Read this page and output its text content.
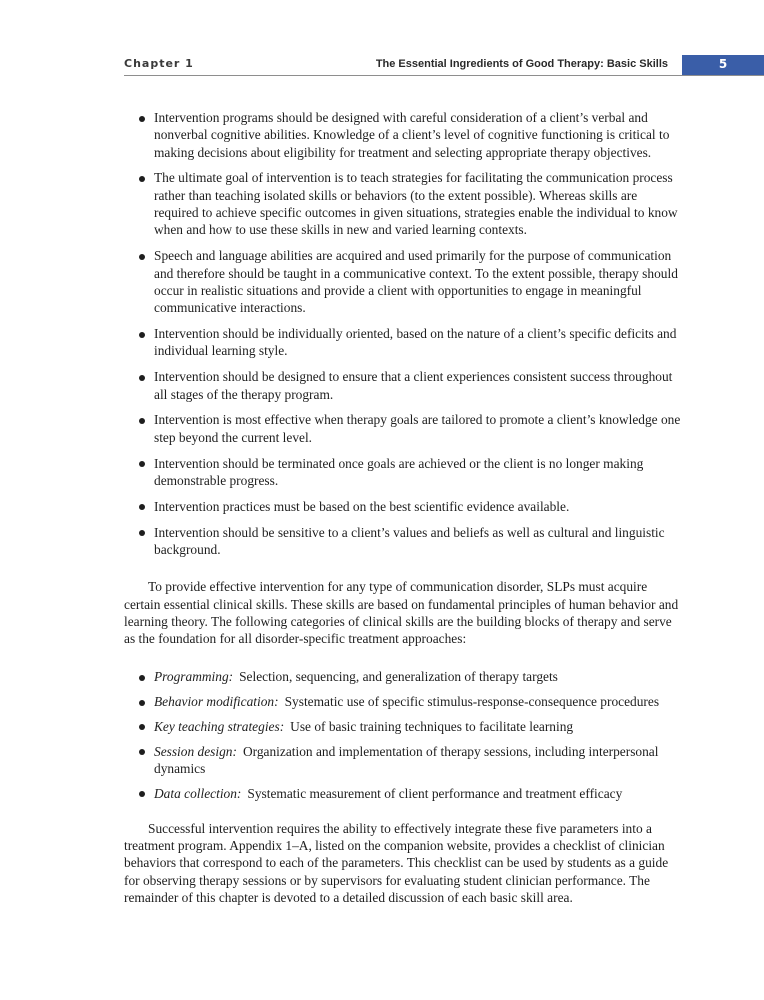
Chapter 1	The Essential Ingredients of Good Therapy: Basic Skills	5
Intervention programs should be designed with careful consideration of a client’s verbal and nonverbal cognitive abilities. Knowledge of a client’s level of cognitive functioning is critical to making decisions about eligibility for treatment and selecting appropriate therapy objectives.
The ultimate goal of intervention is to teach strategies for facilitating the communication process rather than teaching isolated skills or behaviors (to the extent possible). Whereas skills are required to achieve specific outcomes in given situations, strategies enable the individual to know when and how to use these skills in new and varied learning contexts.
Speech and language abilities are acquired and used primarily for the purpose of communication and therefore should be taught in a communicative context. To the extent possible, therapy should occur in realistic situations and provide a client with opportunities to engage in meaningful communicative interactions.
Intervention should be individually oriented, based on the nature of a client’s specific deficits and individual learning style.
Intervention should be designed to ensure that a client experiences consistent success throughout all stages of the therapy program.
Intervention is most effective when therapy goals are tailored to promote a client’s knowledge one step beyond the current level.
Intervention should be terminated once goals are achieved or the client is no longer making demonstrable progress.
Intervention practices must be based on the best scientific evidence available.
Intervention should be sensitive to a client’s values and beliefs as well as cultural and linguistic background.

To provide effective intervention for any type of communication disorder, SLPs must acquire certain essential clinical skills. These skills are based on fundamental principles of human behavior and learning theory. The following categories of clinical skills are the building blocks of therapy and serve as the foundation for all disorder-specific treatment approaches:

Programming: Selection, sequencing, and generalization of therapy targets
Behavior modification: Systematic use of specific stimulus-response-consequence procedures
Key teaching strategies: Use of basic training techniques to facilitate learning
Session design: Organization and implementation of therapy sessions, including interpersonal dynamics
Data collection: Systematic measurement of client performance and treatment efficacy

Successful intervention requires the ability to effectively integrate these five parameters into a treatment program. Appendix 1–A, listed on the companion website, provides a checklist of clinician behaviors that correspond to each of the parameters. This checklist can be used by students as a guide for observing therapy sessions or by supervisors for evaluating student clinician performance. The remainder of this chapter is devoted to a detailed discussion of each basic skill area.
